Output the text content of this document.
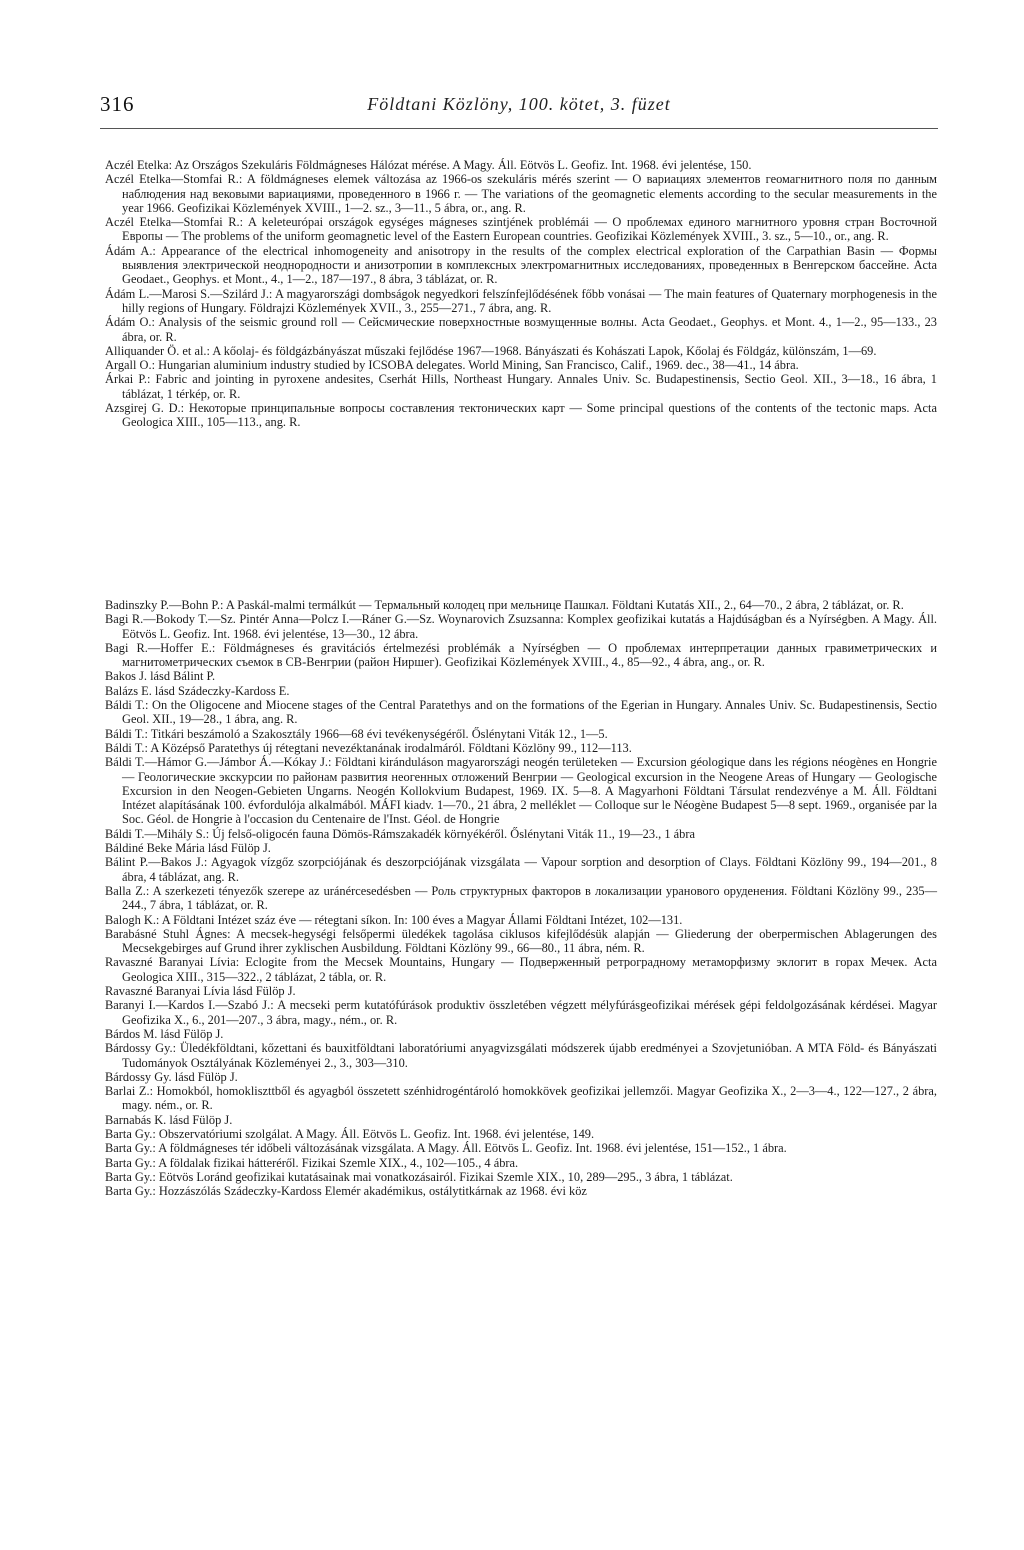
316	Földtani Közlöny, 100. kötet, 3. füzet

Aczél Etelka: Az Országos Szekuláris Földmágneses Hálózat mérése. A Magy. Áll. Eötvös L. Geofiz. Int. 1968. évi jelentése, 150.

Aczél Etelka—Stomfai R.: A földmágneses elemek változása az 1966-os szekuláris mérés szerint — О вариациях элементов геомагнитного поля по данным наблюдения над вековыми вариациями, проведенного в 1966 г. — The variations of the geomagnetic elements according to the secular measurements in the year 1966. Geofizikai Közlemények XVIII., 1—2. sz., 3—11., 5 ábra, or., ang. R.

Aczél Etelka—Stomfai R.: A keleteurópai országok egységes mágneses szintjének problémái — О проблемах единого магнитного уровня стран Восточной Европы — The problems of the uniform geomagnetic level of the Eastern European countries. Geofizikai Közlemények XVIII., 3. sz., 5—10., or., ang. R.

Ádám A.: Appearance of the electrical inhomogeneity and anisotropy in the results of the complex electrical exploration of the Carpathian Basin — Формы выявления электрической неоднородности и анизотропии в комплексных электромагнитных исследованиях, проведенных в Венгерском бассейне. Acta Geodaet., Geophys. et Mont., 4., 1—2., 187—197., 8 ábra, 3 táblázat, or. R.

Ádám L.—Marosi S.—Szilárd J.: A magyarországi dombságok negyedkori felszínfejlődésének főbb vonásai — The main features of Quaternary morphogenesis in the hilly regions of Hungary. Földrajzi Közlemények XVII., 3., 255—271., 7 ábra, ang. R.

Ádám O.: Analysis of the seismic ground roll — Сейсмические поверхностные возмущенные волны. Acta Geodaet., Geophys. et Mont. 4., 1—2., 95—133., 23 ábra, or. R.

Alliquander Ö. et al.: A kőolaj- és földgázbányászat műszaki fejlődése 1967—1968. Bányászati és Kohászati Lapok, Kőolaj és Földgáz, különszám, 1—69.

Argall O.: Hungarian aluminium industry studied by ICSOBA delegates. World Mining, San Francisco, Calif., 1969. dec., 38—41., 14 ábra.

Árkai P.: Fabric and jointing in pyroxene andesites, Cserhát Hills, Northeast Hungary. Annales Univ. Sc. Budapestinensis, Sectio Geol. XII., 3—18., 16 ábra, 1 táblázat, 1 térkép, or. R.

Azsgirej G. D.: Некоторые принципальные вопросы составления тектонических карт — Some principal questions of the contents of the tectonic maps. Acta Geologica XIII., 105—113., ang. R.

Badinszky P.—Bohn P.: A Paskál-malmi termálkút — Термальный колодец при мельнице Пашкал. Földtani Kutatás XII., 2., 64—70., 2 ábra, 2 táblázat, or. R.

Bagi R.—Bokody T.—Sz. Pintér Anna—Polcz I.—Ráner G.—Sz. Woynarovich Zsuzsanna: Komplex geofizikai kutatás a Hajdúságban és a Nyírségben. A Magy. Áll. Eötvös L. Geofiz. Int. 1968. évi jelentése, 13—30., 12 ábra.

Bagi R.—Hoffer E.: Földmágneses és gravitációs értelmezési problémák a Nyírségben — О проблемах интерпретации данных гравиметрических и магнитометрических съемок в СВ-Венгрии (район Ниршег). Geofizikai Közlemények XVIII., 4., 85—92., 4 ábra, ang., or. R.

Bakos J. lásd Bálint P.

Balázs E. lásd Szádeczky-Kardoss E.

Báldi T.: On the Oligocene and Miocene stages of the Central Paratethys and on the formations of the Egerian in Hungary. Annales Univ. Sc. Budapestinensis, Sectio Geol. XII., 19—28., 1 ábra, ang. R.

Báldi T.: Titkári beszámoló a Szakosztály 1966—68 évi tevékenységéről. Őslénytani Viták 12., 1—5.

Báldi T.: A Középső Paratethys új rétegtani nevezéktanának irodalmáról. Földtani Közlöny 99., 112—113.

Báldi T.—Hámor G.—Jámbor Á.—Kókay J.: Földtani kiránduláson magyarországi neogén területeken — Excursion géologique dans les régions néogènes en Hongrie — Геологические экскурсии по районам развития неогенных отложений Венгрии — Geological excursion in the Neogene Areas of Hungary — Geologische Excursion in den Neogen-Gebieten Ungarns. Neogén Kollokvium Budapest, 1969. IX. 5—8. A Magyarhoni Földtani Társulat rendezvénye a M. Áll. Földtani Intézet alapításának 100. évfordulója alkalmából. MÁFI kiadv. 1—70., 21 ábra, 2 melléklet — Colloque sur le Néogène Budapest 5—8 sept. 1969., organisée par la Soc. Géol. de Hongrie à l'occasion du Centenaire de l'Inst. Géol. de Hongrie

Báldi T.—Mihály S.: Új felső-oligocén fauna Dömös-Rámszakadék környékéről. Őslénytani Viták 11., 19—23., 1 ábra

Báldiné Beke Mária lásd Fülöp J.

Bálint P.—Bakos J.: Agyagok vízgőz szorpciójának és deszorpciójának vizsgálata — Vapour sorption and desorption of Clays. Földtani Közlöny 99., 194—201., 8 ábra, 4 táblázat, ang. R.

Balla Z.: A szerkezeti tényezők szerepe az uránércesedésben — Роль структурных факторов в локализации уранового оруденения. Földtani Közlöny 99., 235—244., 7 ábra, 1 táblázat, or. R.

Balogh K.: A Földtani Intézet száz éve — rétegtani síkon. In: 100 éves a Magyar Állami Földtani Intézet, 102—131.

Barabásné Stuhl Ágnes: A mecsek-hegységi felsőpermi üledékek tagolása ciklusos kifejlődésük alapján — Gliederung der oberpermischen Ablagerungen des Mecsekgebirges auf Grund ihrer zyklischen Ausbildung. Földtani Közlöny 99., 66—80., 11 ábra, ném. R.

Ravaszné Baranyai Lívia: Eclogite from the Mecsek Mountains, Hungary — Подверженный ретроградному метаморфизму эклогит в горах Мечек. Acta Geologica XIII., 315—322., 2 táblázat, 2 tábla, or. R.

Ravaszné Baranyai Lívia lásd Fülöp J.

Baranyi I.—Kardos I.—Szabó J.: A mecseki perm kutatófúrások produktiv összletében végzett mélyfúrásgeofizikai mérések gépi feldolgozásának kérdései. Magyar Geofizika X., 6., 201—207., 3 ábra, magy., ném., or. R.

Bárdos M. lásd Fülöp J.

Bárdossy Gy.: Üledékföldtani, kőzettani és bauxitföldtani laboratóriumi anyagvizsgálati módszerek újabb eredményei a Szovjetunióban. A MTA Föld- és Bányászati Tudományok Osztályának Közleményei 2., 3., 303—310.

Bárdossy Gy. lásd Fülöp J.

Barlai Z.: Homokból, homokliszttből és agyagból összetett szénhidrogéntároló homokkövek geofizikai jellemzői. Magyar Geofizika X., 2—3—4., 122—127., 2 ábra, magy. ném., or. R.

Barnabás K. lásd Fülöp J.

Barta Gy.: Obszervatóriumi szolgálat. A Magy. Áll. Eötvös L. Geofiz. Int. 1968. évi jelentése, 149.

Barta Gy.: A földmágneses tér időbeli változásának vizsgálata. A Magy. Áll. Eötvös L. Geofiz. Int. 1968. évi jelentése, 151—152., 1 ábra.

Barta Gy.: A földalak fizikai hátteréről. Fizikai Szemle XIX., 4., 102—105., 4 ábra.

Barta Gy.: Eötvös Loránd geofizikai kutatásainak mai vonatkozásairól. Fizikai Szemle XIX., 10, 289—295., 3 ábra, 1 táblázat.

Barta Gy.: Hozzászólás Szádeczky-Kardoss Elemér akadémikus, ostálytitkárnak az 1968. évi köz
